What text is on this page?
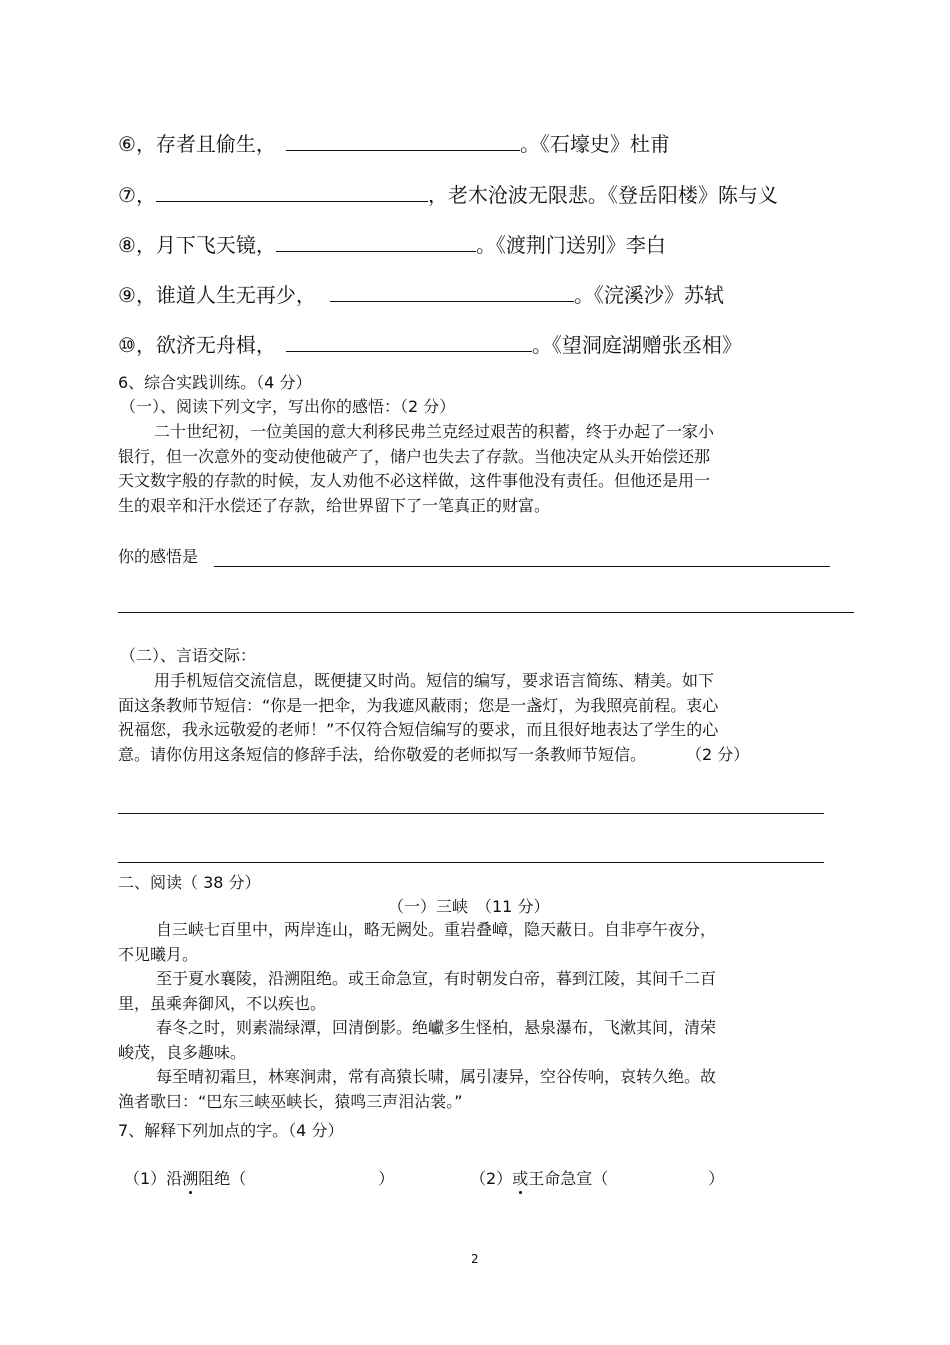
⑥，存者且偷生，	。《石壕史》杜甫
⑦，	，老木沧波无限悲。《登岳阳楼》陈与义
⑧，月下飞天镜，	。《渡荆门送别》李白
⑨，谁道人生无再少，	。《浣溪沙》苏轼
⑩，欲济无舟楫，	。《望洞庭湖赠张丞相》
6、综合实践训练。（4 分）
（一）、阅读下列文字，写出你的感悟：（2 分）
二十世纪初，一位美国的意大利移民弗兰克经过艰苦的积蓄，终于办起了一家小
银行，但一次意外的变动使他破产了，储户也失去了存款。当他决定从头开始偿还那
天文数字般的存款的时候，友人劝他不必这样做，这件事他没有责任。但他还是用一
生的艰辛和汗水偿还了存款，给世界留下了一笔真正的财富。
你的感悟是
（二）、言语交际：
用手机短信交流信息，既便捷又时尚。短信的编写，要求语言简练、精美。如下
面这条教师节短信：“你是一把伞，为我遮风蔽雨；您是一盏灯，为我照亮前程。衷心
祝福您，我永远敬爱的老师！”不仅符合短信编写的要求，而且很好地表达了学生的心
意。请你仿用这条短信的修辞手法，给你敬爱的老师拟写一条教师节短信。	（2 分）
二、阅读（ 38 分）
（一）三峡　（11 分）
自三峡七百里中，两岸连山，略无阙处。重岩叠嶂，隐天蔽日。自非亭午夜分，
不见曦月。
至于夏水襄陵，沿溯阻绝。或王命急宣，有时朝发白帝，暮到江陵，其间千二百
里，虽乘奔御风，不以疾也。
春冬之时，则素湍绿潭，回清倒影。绝巘多生怪柏，悬泉瀑布，飞漱其间，清荣
峻茂，良多趣味。
每至晴初霜旦，林寒涧肃，常有高猿长啸，属引凄异，空谷传响，哀转久绝。故
渔者歌曰：“巴东三峡巫峡长，猿鸣三声泪沾裳。”
7、解释下列加点的字。（4 分）
（1）沿溯阻绝（	）	（2）或王命急宣（	）
2
